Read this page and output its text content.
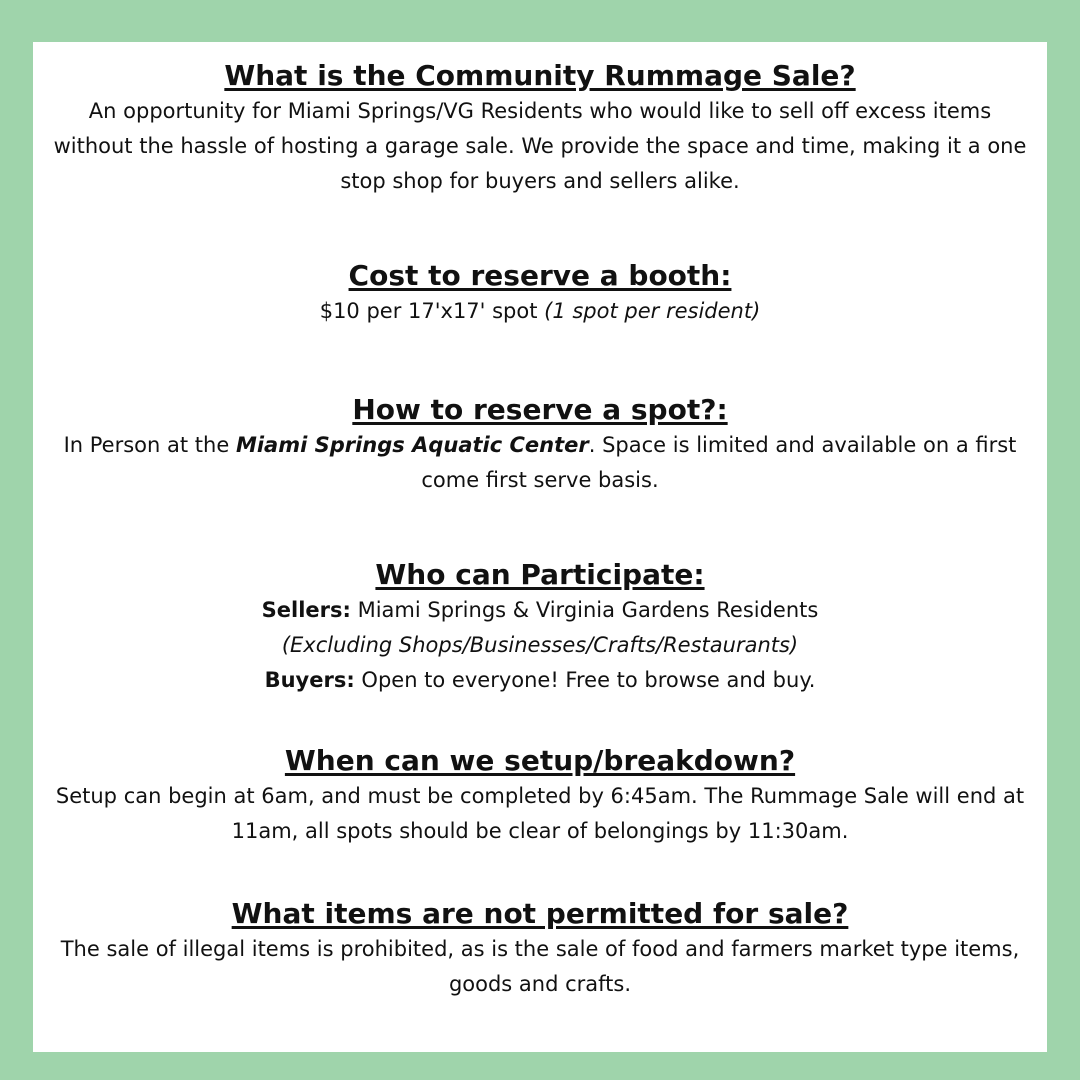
What is the Community Rummage Sale?

An opportunity for Miami Springs/VG Residents who would like to sell off excess items without the hassle of hosting a garage sale. We provide the space and time, making it a one stop shop for buyers and sellers alike.

Cost to reserve a booth:

$10 per 17'x17' spot (1 spot per resident)

How to reserve a spot?:

In Person at the Miami Springs Aquatic Center. Space is limited and available on a first come first serve basis.

Who can Participate:

Sellers: Miami Springs & Virginia Gardens Residents

(Excluding Shops/Businesses/Crafts/Restaurants)

Buyers: Open to everyone! Free to browse and buy.

When can we setup/breakdown?

Setup can begin at 6am, and must be completed by 6:45am. The Rummage Sale will end at 11am, all spots should be clear of belongings by 11:30am.

What items are not permitted for sale?

The sale of illegal items is prohibited, as is the sale of food and farmers market type items, goods and crafts.
